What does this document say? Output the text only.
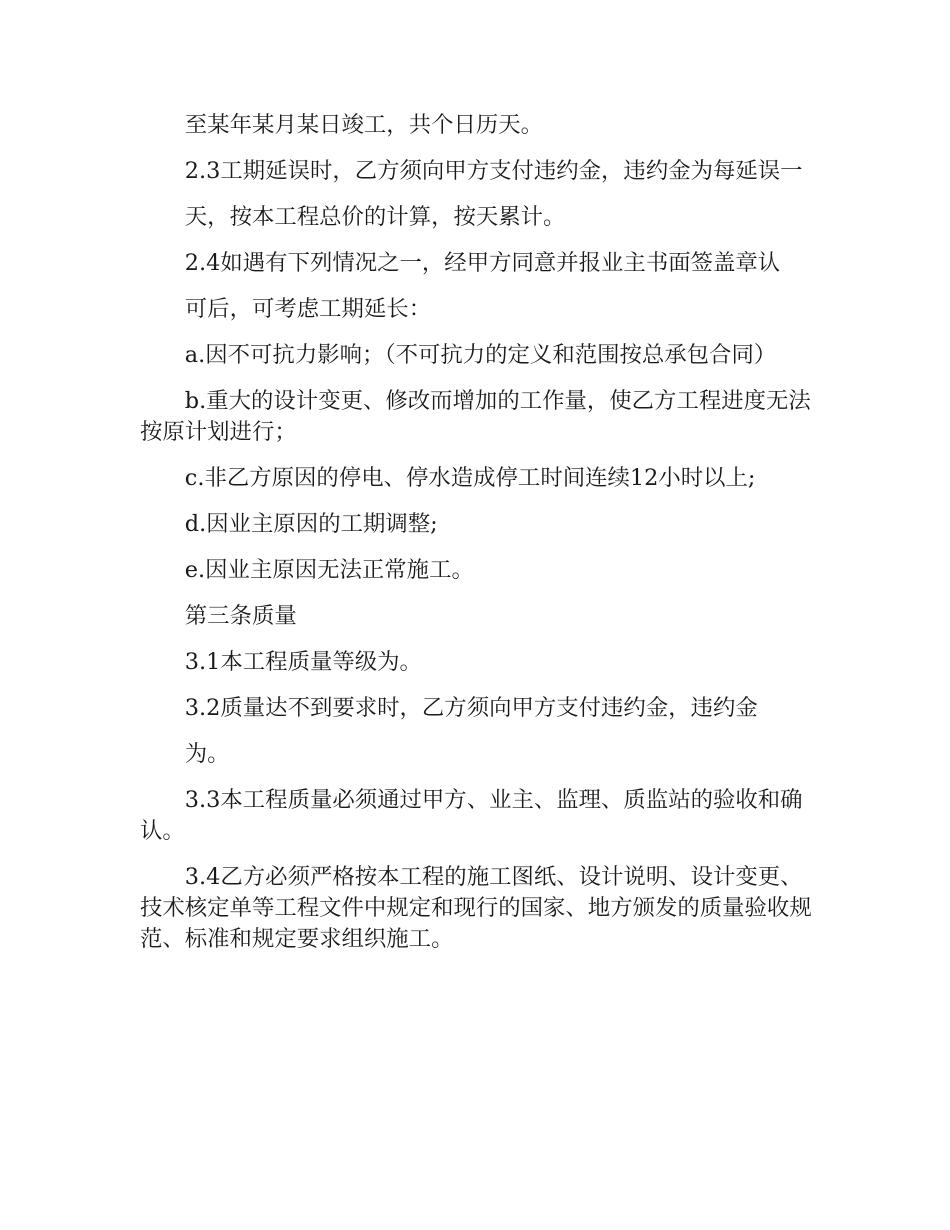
至某年某月某日竣工，共个日历天。

2.3工期延误时，乙方须向甲方支付违约金，违约金为每延误一

天，按本工程总价的计算，按天累计。

2.4如遇有下列情况之一，经甲方同意并报业主书面签盖章认

可后，可考虑工期延长：

a.因不可抗力影响；（不可抗力的定义和范围按总承包合同）

b.重大的设计变更、修改而增加的工作量，使乙方工程进度无法按原计划进行；

c.非乙方原因的停电、停水造成停工时间连续12小时以上;

d.因业主原因的工期调整;

e.因业主原因无法正常施工。

第三条质量

3.1本工程质量等级为。

3.2质量达不到要求时，乙方须向甲方支付违约金，违约金

为。

3.3本工程质量必须通过甲方、业主、监理、质监站的验收和确认。

3.4乙方必须严格按本工程的施工图纸、设计说明、设计变更、技术核定单等工程文件中规定和现行的国家、地方颁发的质量验收规范、标准和规定要求组织施工。
